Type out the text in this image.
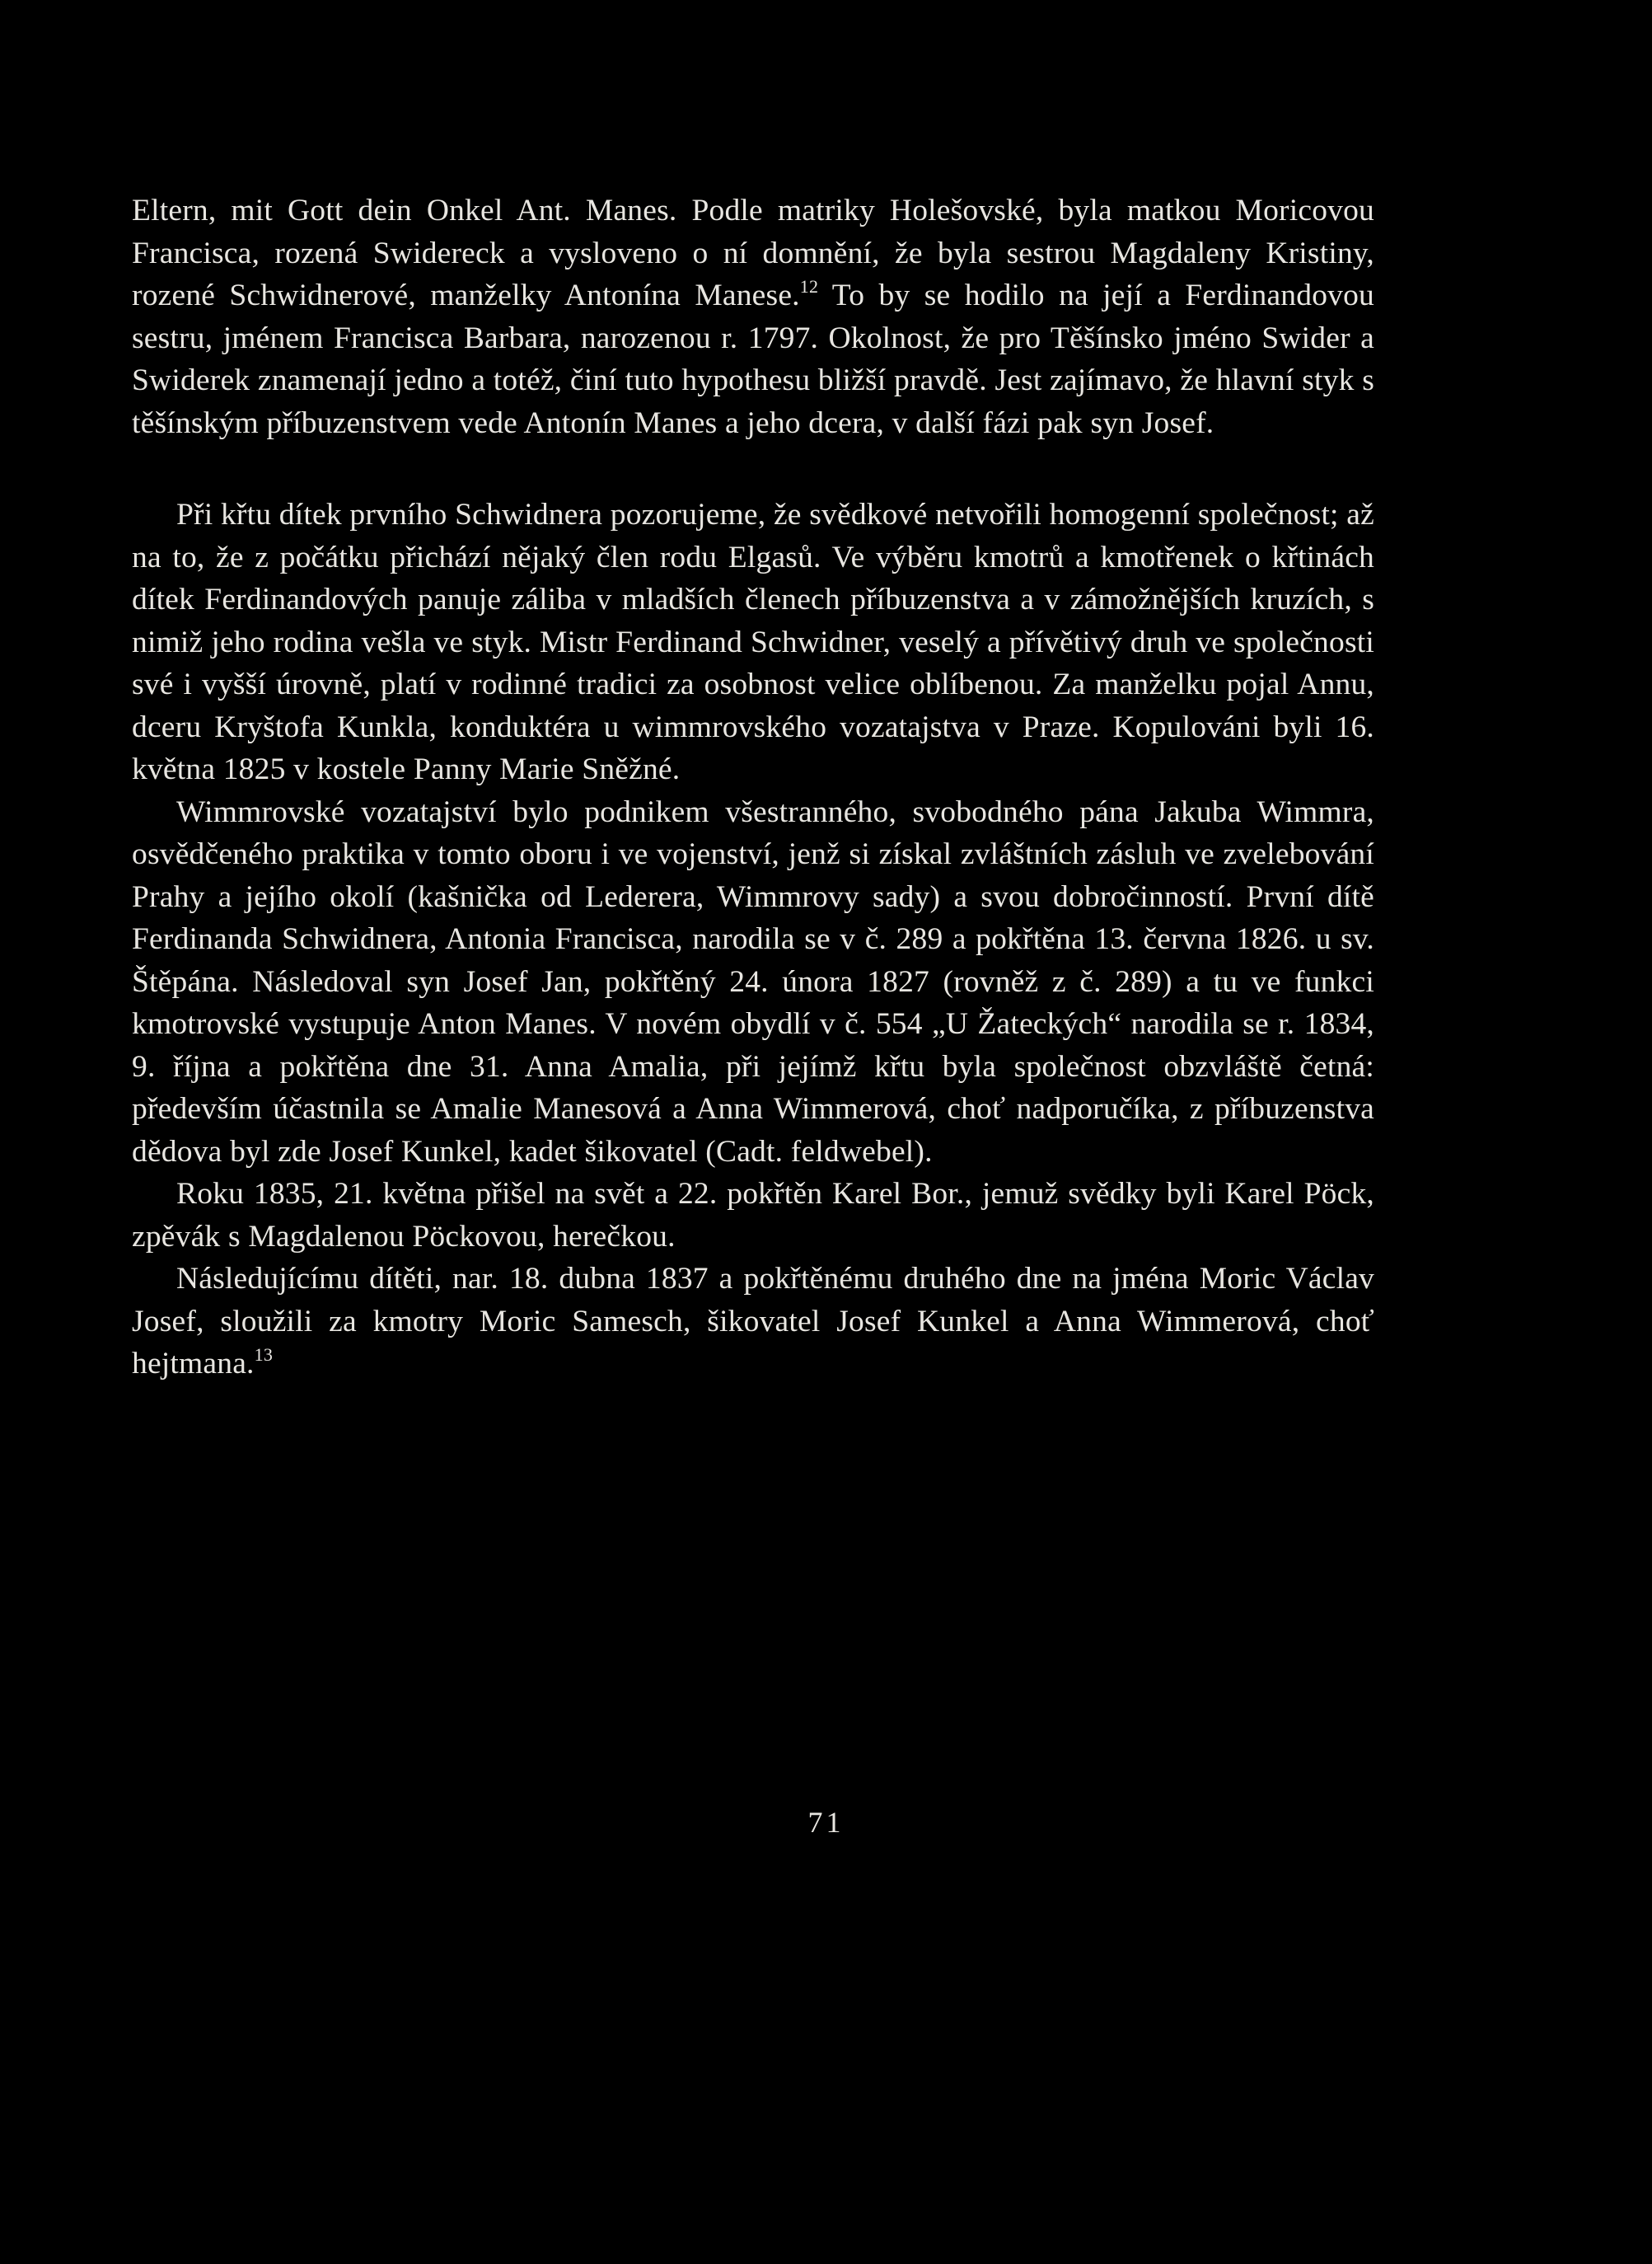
Eltern, mit Gott dein Onkel Ant. Manes. Podle matriky Holešovské, byla matkou Moricovou Francisca, rozená Swidereck a vysloveno o ní domnění, že byla sestrou Magdaleny Kristiny, rozené Schwidnerové, manželky Antonína Manese.$^{12}$ To by se hodilo na její a Ferdinandovou sestru, jménem Francisca Barbara, narozenou r. 1797. Okolnost, že pro Těšínsko jméno Swider a Swiderek znamenají jedno a totéž, činí tuto hypothesu bližší pravdě. Jest zajímavo, že hlavní styk s těšínským příbuzenstvem vede Antonín Manes a jeho dcera, v další fázi pak syn Josef.

Při křtu dítek prvního Schwidnera pozorujeme, že svědkové netvořili homogenní společnost; až na to, že z počátku přichází nějaký člen rodu Elgasů. Ve výběru kmotrů a kmotřenek o křtinách dítek Ferdinandových panuje záliba v mladších členech příbuzenstva a v zámožnějších kruzích, s nimiž jeho rodina vešla ve styk. Mistr Ferdinand Schwidner, veselý a přívětivý druh ve společnosti své i vyšší úrovně, platí v rodinné tradici za osobnost velice oblíbenou. Za manželku pojal Annu, dceru Kryštofa Kunkla, konduktéra u wimmrovského vozatajstva v Praze. Kopulováni byli 16. května 1825 v kostele Panny Marie Sněžné.

Wimmrovské vozatajství bylo podnikem všestranného, svobodného pána Jakuba Wimmra, osvědčeného praktika v tomto oboru i ve vojenství, jenž si získal zvláštních zásluh ve zvelebování Prahy a jejího okolí (kašnička od Lederera, Wimmrovy sady) a svou dobročinností. První dítě Ferdinanda Schwidnera, Antonia Francisca, narodila se v č. 289 a pokřtěna 13. června 1826. u sv. Štěpána. Následoval syn Josef Jan, pokřtěný 24. února 1827 (rovněž z č. 289) a tu ve funkci kmotrovské vystupuje Anton Manes. V novém obydlí v č. 554 „U Žateckých“ narodila se r. 1834, 9. října a pokřtěna dne 31. Anna Amalia, při jejímž křtu byla společnost obzvláště četná: především účastnila se Amalie Manesová a Anna Wimmerová, choť nadporučíka, z příbuzenstva dědova byl zde Josef Kunkel, kadet šikovatel (Cadt. feldwebel).

Roku 1835, 21. května přišel na svět a 22. pokřtěn Karel Bor., jemuž svědky byli Karel Pöck, zpěvák s Magdalenou Pöckovou, herečkou.

Následujícímu dítěti, nar. 18. dubna 1837 a pokřtěnému druhého dne na jména Moric Václav Josef, sloužili za kmotry Moric Samesch, šikovatel Josef Kunkel a Anna Wimmerová, choť hejtmana.$^{13}$

71
